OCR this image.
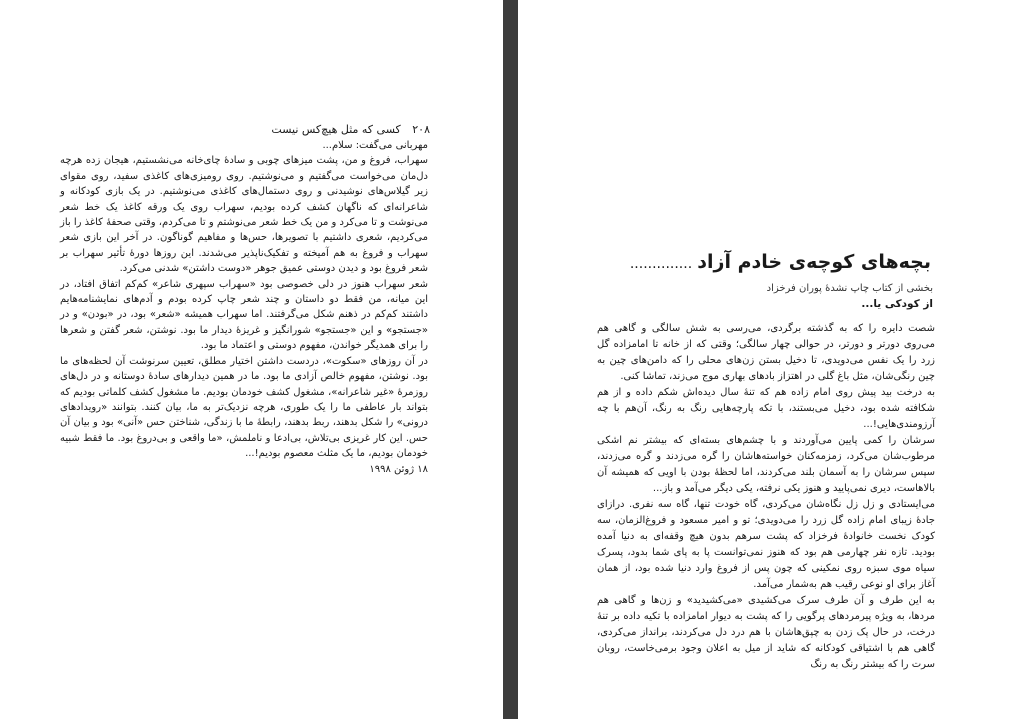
۲۰۸ کسی که مثل هیچ‌کس نیست

مهربانی می‌گفت: سلام...

سهراب، فروغ و من، پشت میزهای چوبی و سادهٔ چای‌خانه می‌نشستیم، هیجان زده هرچه دل‌مان می‌خواست می‌گفتیم و می‌نوشتیم. روی رومیزی‌های کاغذی سفید، روی مقوای زیر گیلاس‌های نوشیدنی و روی دستمال‌های کاغذی می‌نوشتیم. در یک بازی کودکانه و شاعرانه‌ای که ناگهان کشف کرده بودیم، سهراب روی یک ورقه کاغذ یک خط شعر می‌نوشت و تا می‌کرد و من یک خط شعر می‌نوشتم و تا می‌کردم، وقتی صحفهٔ کاغذ را باز می‌کردیم، شعری داشتیم با تصویرها، حس‌ها و مفاهیم گوناگون. در آخر این بازی شعر سهراب و فروغ به هم آمیخته و تفکیک‌ناپذیر می‌شدند. این روزها دورهٔ تأثیر سهراب بر شعر فروغ بود و دیدن دوستی عمیق جوهر «دوست داشتن» شدنی می‌کرد.

شعر سهراب هنوز در دلی خصوصی بود «سهراب سپهری شاعر» کم‌کم اتفاق افتاد، در این میانه، من فقط دو داستان و چند شعر چاپ کرده بودم و آدم‌های نمایشنامه‌هایم داشتند کم‌کم در ذهنم شکل می‌گرفتند. اما سهراب همیشه «شعر» بود، در «بودن» و در «جستجو» و این «جستجو» شورانگیز و غریزهٔ دیدار ما بود. نوشتن، شعر گفتن و شعرها را برای همدیگر خواندن، مفهوم دوستی و اعتماد ما بود.

در آن روزهای «سکوت»، دردست داشتن اختیار مطلق، تعیین سرنوشت آن لحظه‌های ما بود. نوشتن، مفهوم خالص آزادی ما بود. ما در همین دیدارهای سادهٔ دوستانه و در دل‌های روزمرهٔ «غیر شاعرانه»، مشغول کشف خودمان بودیم. ما مشغول کشف کلماتی بودیم که بتواند بار عاطفی ما را یک طوری، هرچه نزدیک‌تر به ما، بیان کنند. بتوانند «رویدادهای درونی» را شکل بدهند، ربط بدهند، رابطهٔ ما با زندگی، شناختن حس «آنی» بود و بیان آن حس. این کار غریزی بی‌تلاش، بی‌ادعا و ناملمش، «ما واقعی و بی‌دروغ بود. ما فقط شبیه خودمان بودیم، ما یک مثلث معصوم بودیم!...

۱۸ ژوئن ۱۹۹۸

بچه‌های کوچه‌ی خادم آزاد ..............
بخشی از کتاب چاپ نشدهٔ پوران فرخزاد
از کودکی یا...

شصت دایره را که به گذشته برگردی، می‌رسی به شش سالگی و گاهی هم می‌روی دورتر و دورتر، در حوالی چهار سالگی؛ وقتی که از خانه تا امامزاده گل زرد را یک نفس می‌دویدی، تا دخیل بستن زن‌های محلی را که دامن‌های چین به چین رنگی‌شان، مثل باغ گلی در اهتزاز بادهای بهاری موج می‌زند، تماشا کنی.

به درخت بید پیش روی امام زاده هم که تنهٔ سال دیده‌اش شکم داده و از هم شکافته شده بود، دخیل می‌بستند، با تکه پارچه‌هایی رنگ به رنگ، آن‌هم با چه آرزومندی‌هایی!...

سرشان را کمی پایین می‌آوردند و با چشم‌های بسته‌ای که بیشتر نم اشکی مرطوب‌شان می‌کرد، زمزمه‌کنان خواسته‌هاشان را گره می‌زدند و گره می‌زدند، سپس سرشان را به آسمان بلند می‌کردند، اما لحظهٔ بودن با اویی که همیشه آن بالاهاست، دیری نمی‌پایید و هنوز یکی نرفته، یکی دیگر می‌آمد و باز...

می‌ایستادی و زل زل نگاه‌شان می‌کردی، گاه خودت تنها، گاه سه نفری. درازای جادهٔ زیبای امام زاده گل زرد را می‌دویدی؛ تو و امیر مسعود و فروغ‌الزمان، سه کودک نخست خانوادهٔ فرخزاد که پشت سرهم بدون هیچ وقفه‌ای به دنیا آمده بودید. تازه نفر چهارمی هم بود که هنوز نمی‌توانست پا به پای شما بدود، پسرک سیاه موی سبزه روی نمکینی که چون پس از فروغ وارد دنیا شده بود، از همان آغاز برای او نوعی رقیب هم به‌شمار می‌آمد.

به این طرف و آن طرف سرک می‌کشیدی «می‌کشیدید» و زن‌ها و گاهی هم مردها، به ویژه پیرمردهای پرگویی را که پشت به دیوار امامزاده با تکیه داده بر تنهٔ درخت، در حال پک زدن به چپق‌هاشان با هم درد دل می‌کردند، برانداز می‌کردی، گاهی هم با اشتیاقی کودکانه که شاید از میل به اعلان وجود برمی‌خاست، روبان سرت را که بیشتر رنگ به رنگ
